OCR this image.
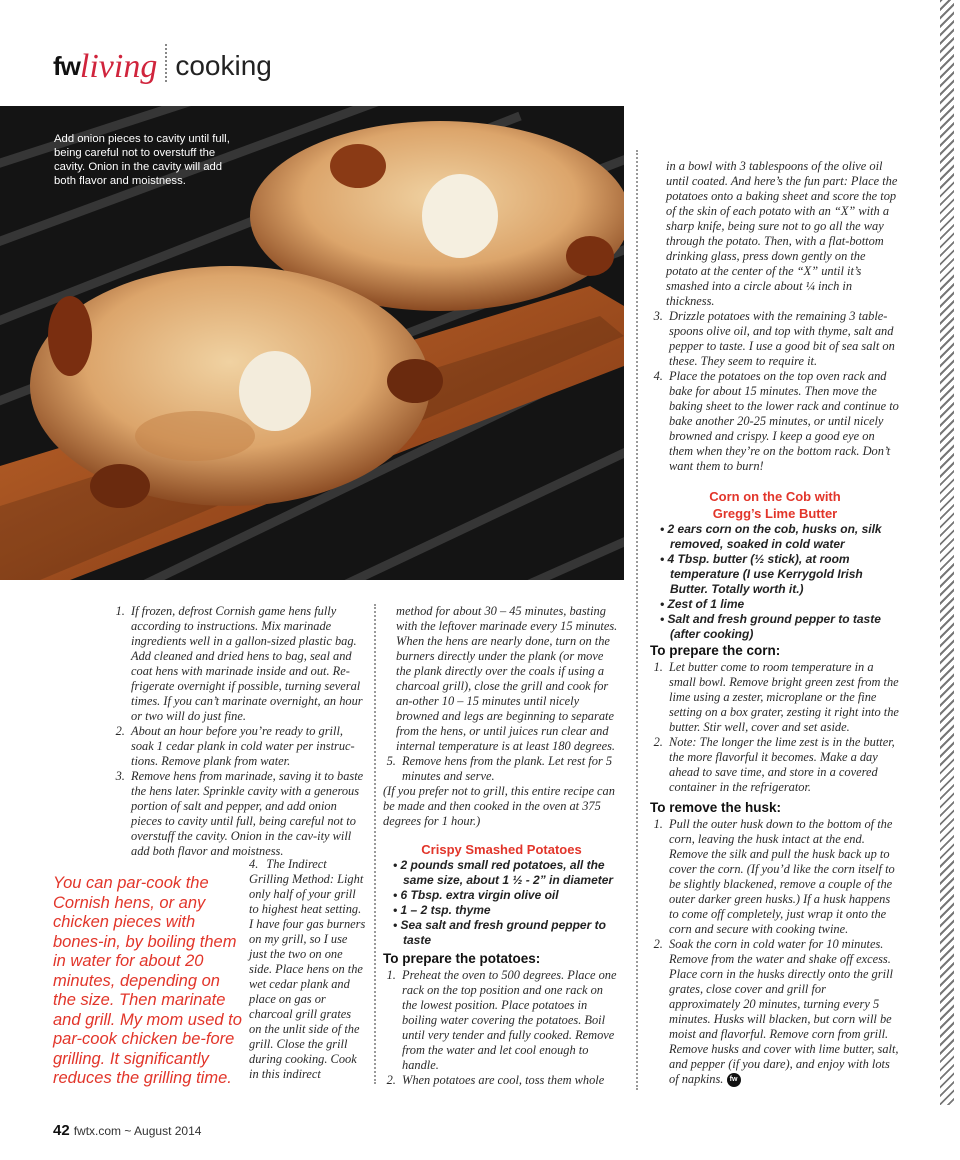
fw living cooking
Add onion pieces to cavity until full, being careful not to overstuff the cavity. Onion in the cavity will add both flavor and moistness.
1. If frozen, defrost Cornish game hens fully according to instructions. Mix marinade ingredients well in a gallon-sized plastic bag. Add cleaned and dried hens to bag, seal and coat hens with marinade inside and out. Re-frigerate overnight if possible, turning several times. If you can’t marinate overnight, an hour or two will do just fine.
2. About an hour before you’re ready to grill, soak 1 cedar plank in cold water per instruc-tions. Remove plank from water.
3. Remove hens from marinade, saving it to baste the hens later. Sprinkle cavity with a generous portion of salt and pepper, and add onion pieces to cavity until full, being careful not to overstuff the cavity. Onion in the cav-ity will add both flavor and moistness.
4. The Indirect Grilling Method: Light only half of your grill to highest heat setting. I have four gas burners on my grill, so I use just the two on one side. Place hens on the wet cedar plank and place on gas or charcoal grill grates on the unlit side of the grill. Close the grill during cooking. Cook in this indirect
You can par-cook the Cornish hens, or any chicken pieces with bones-in, by boiling them in water for about 20 minutes, depending on the size. Then marinate and grill. My mom used to par-cook chicken be-fore grilling. It significantly reduces the grilling time.

method for about 30 – 45 minutes, basting with the leftover marinade every 15 minutes. When the hens are nearly done, turn on the burners directly under the plank (or move the plank directly over the coals if using a charcoal grill), close the grill and cook for an-other 10 – 15 minutes until nicely browned and legs are beginning to separate from the hens, or until juices run clear and internal temperature is at least 180 degrees.

5. Remove hens from the plank. Let rest for 5 minutes and serve.

(If you prefer not to grill, this entire recipe can be made and then cooked in the oven at 375 degrees for 1 hour.)

Crispy Smashed Potatoes
• 2 pounds small red potatoes, all the same size, about 1 ½ - 2” in diameter
• 6 Tbsp. extra virgin olive oil
• 1 – 2 tsp. thyme
• Sea salt and fresh ground pepper to taste
To prepare the potatoes:
1. Preheat the oven to 500 degrees. Place one rack on the top position and one rack on the lowest position. Place potatoes in boiling water covering the potatoes. Boil until very tender and fully cooked. Remove from the water and let cool enough to handle.
2. When potatoes are cool, toss them whole

in a bowl with 3 tablespoons of the olive oil until coated. And here’s the fun part: Place the potatoes onto a baking sheet and score the top of the skin of each potato with an “X” with a sharp knife, being sure not to go all the way through the potato. Then, with a flat-bottom drinking glass, press down gently on the potato at the center of the “X” until it’s smashed into a circle about ¼ inch in thickness.

3. Drizzle potatoes with the remaining 3 table-spoons olive oil, and top with thyme, salt and pepper to taste. I use a good bit of sea salt on these. They seem to require it.
4. Place the potatoes on the top oven rack and bake for about 15 minutes. Then move the baking sheet to the lower rack and continue to bake another 20-25 minutes, or until nicely browned and crispy. I keep a good eye on them when they’re on the bottom rack. Don’t want them to burn!
Corn on the Cob with Gregg’s Lime Butter
• 2 ears corn on the cob, husks on, silk removed, soaked in cold water
• 4 Tbsp. butter (½ stick), at room temperature (I use Kerrygold Irish Butter. Totally worth it.)
• Zest of 1 lime
• Salt and fresh ground pepper to taste (after cooking)
To prepare the corn:
1. Let butter come to room temperature in a small bowl. Remove bright green zest from the lime using a zester, microplane or the fine setting on a box grater, zesting it right into the butter. Stir well, cover and set aside.
2. Note: The longer the lime zest is in the butter, the more flavorful it becomes. Make a day ahead to save time, and store in a covered container in the refrigerator.
To remove the husk:
1. Pull the outer husk down to the bottom of the corn, leaving the husk intact at the end. Remove the silk and pull the husk back up to cover the corn. (If you’d like the corn itself to be slightly blackened, remove a couple of the outer darker green husks.) If a husk happens to come off completely, just wrap it onto the corn and secure with cooking twine.
2. Soak the corn in cold water for 10 minutes. Remove from the water and shake off excess. Place corn in the husks directly onto the grill grates, close cover and grill for approximately 20 minutes, turning every 5 minutes. Husks will blacken, but corn will be moist and flavorful. Remove corn from grill. Remove husks and cover with lime butter, salt, and pepper (if you dare), and enjoy with lots of napkins. fw
42 fwtx.com ~ August 2014
